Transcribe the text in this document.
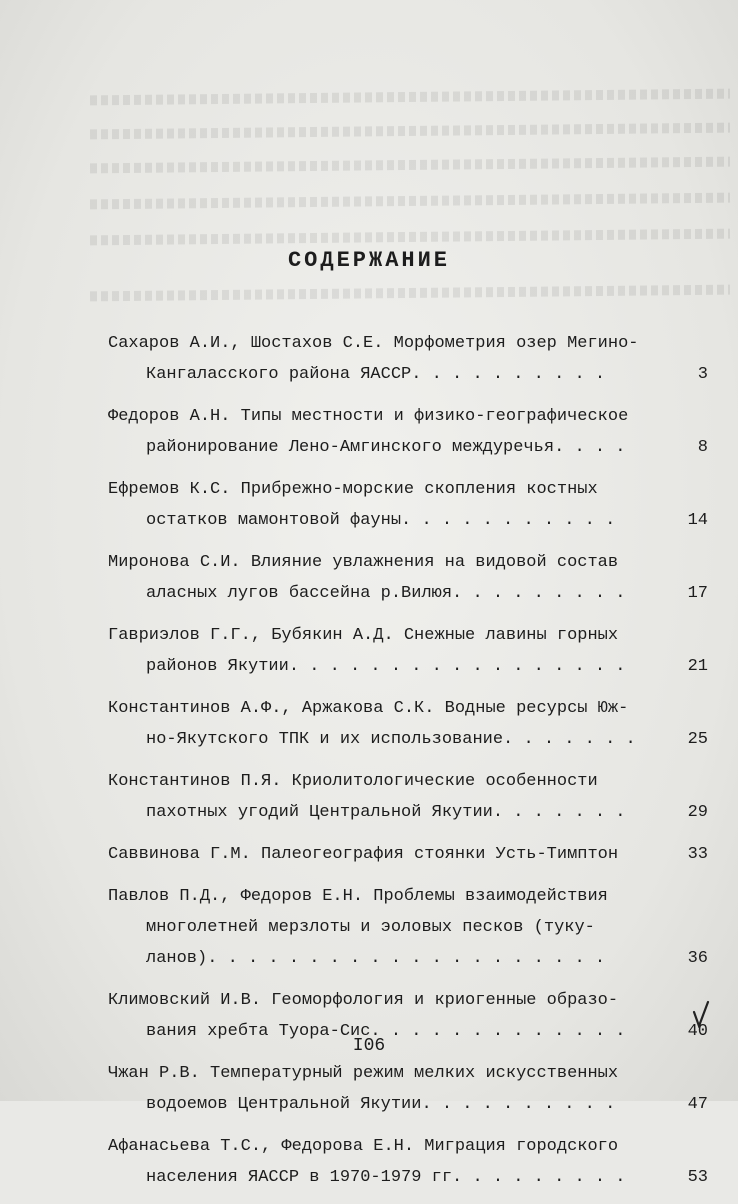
СОДЕРЖАНИЕ
Сахаров А.И., Шостахов С.Е. Морфометрия озер Мегино-
Кангаласского района ЯАССР. . . . . . . . . .	3
Федоров А.Н. Типы местности и физико-географическое
районирование Лено-Амгинского междуречья. . . .	8
Ефремов К.С. Прибрежно-морские скопления костных
остатков мамонтовой фауны. . . . . . . . . . .	14
Миронова С.И. Влияние увлажнения на видовой состав
аласных лугов бассейна р.Вилюя. . . . . . . . .	17
Гавриэлов Г.Г., Бубякин А.Д. Снежные лавины горных
районов Якутии. . . . . . . . . . . . . . . . .	21
Константинов А.Ф., Аржакова С.К. Водные ресурсы Юж-
но-Якутского ТПК и их использование. . . . . . .	25
Константинов П.Я. Криолитологические особенности
пахотных угодий Центральной Якутии. . . . . . .	29
Саввинова Г.М. Палеогеография стоянки Усть-Тимптон	33
Павлов П.Д., Федоров Е.Н. Проблемы взаимодействия
многолетней мерзлоты и эоловых песков (туку-
ланов). . . . . . . . . . . . . . . . . . . .	36
Климовский И.В. Геоморфология и криогенные образо-
вания хребта Туора-Сис. . . . . . . . . . . . .	40
Чжан Р.В. Температурный режим мелких искусственных
водоемов Центральной Якутии. . . . . . . . . .	47
Афанасьева Т.С., Федорова Е.Н. Миграция городского
населения ЯАССР в 1970-1979 гг. . . . . . . . .	53
I06
